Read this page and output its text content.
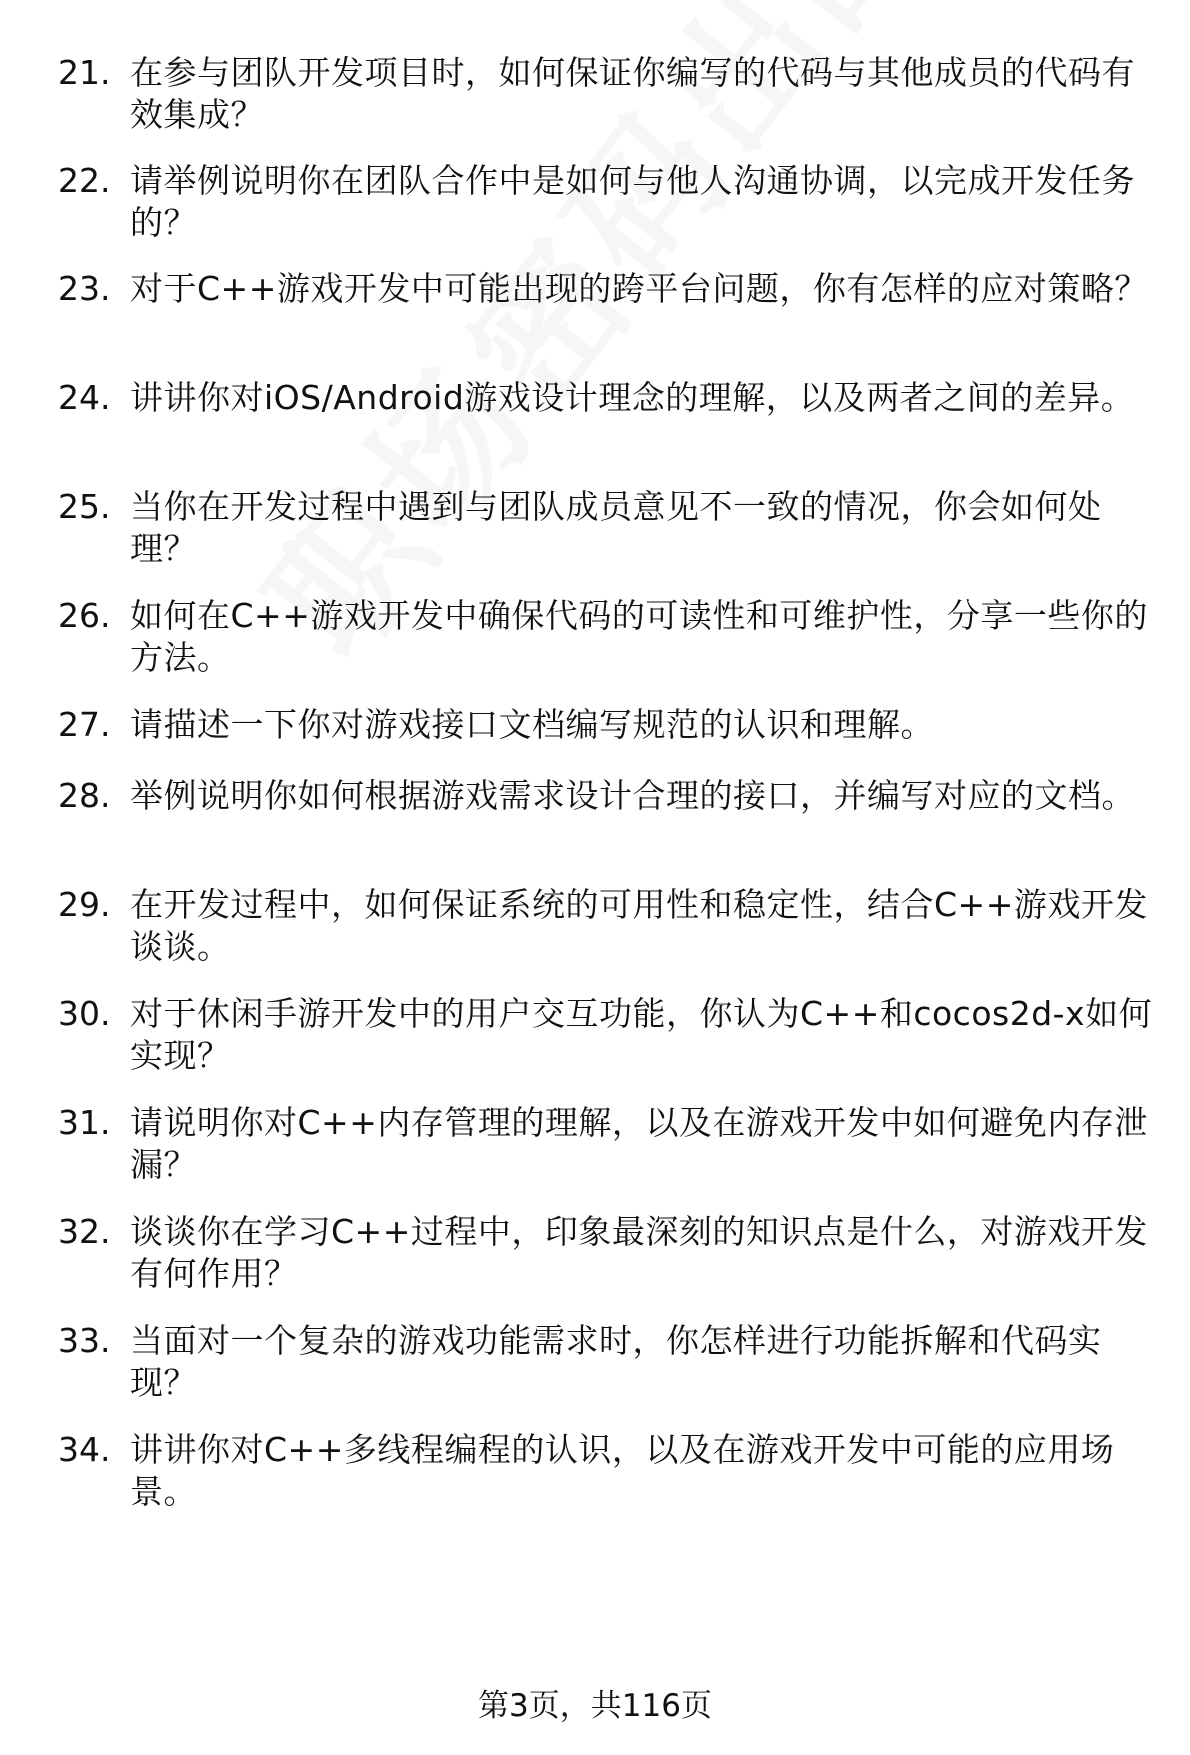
21. 在参与团队开发项目时，如何保证你编写的代码与其他成员的代码有效集成？
22. 请举例说明你在团队合作中是如何与他人沟通协调，以完成开发任务的？
23. 对于C++游戏开发中可能出现的跨平台问题，你有怎样的应对策略？
24. 讲讲你对iOS/Android游戏设计理念的理解，以及两者之间的差异。
25. 当你在开发过程中遇到与团队成员意见不一致的情况，你会如何处理？
26. 如何在C++游戏开发中确保代码的可读性和可维护性，分享一些你的方法。
27. 请描述一下你对游戏接口文档编写规范的认识和理解。
28. 举例说明你如何根据游戏需求设计合理的接口，并编写对应的文档。
29. 在开发过程中，如何保证系统的可用性和稳定性，结合C++游戏开发谈谈。
30. 对于休闲手游开发中的用户交互功能，你认为C++和cocos2d-x如何实现？
31. 请说明你对C++内存管理的理解，以及在游戏开发中如何避免内存泄漏？
32. 谈谈你在学习C++过程中，印象最深刻的知识点是什么，对游戏开发有何作用？
33. 当面对一个复杂的游戏功能需求时，你怎样进行功能拆解和代码实现？
34. 讲讲你对C++多线程编程的认识，以及在游戏开发中可能的应用场景。
第3页，共116页
